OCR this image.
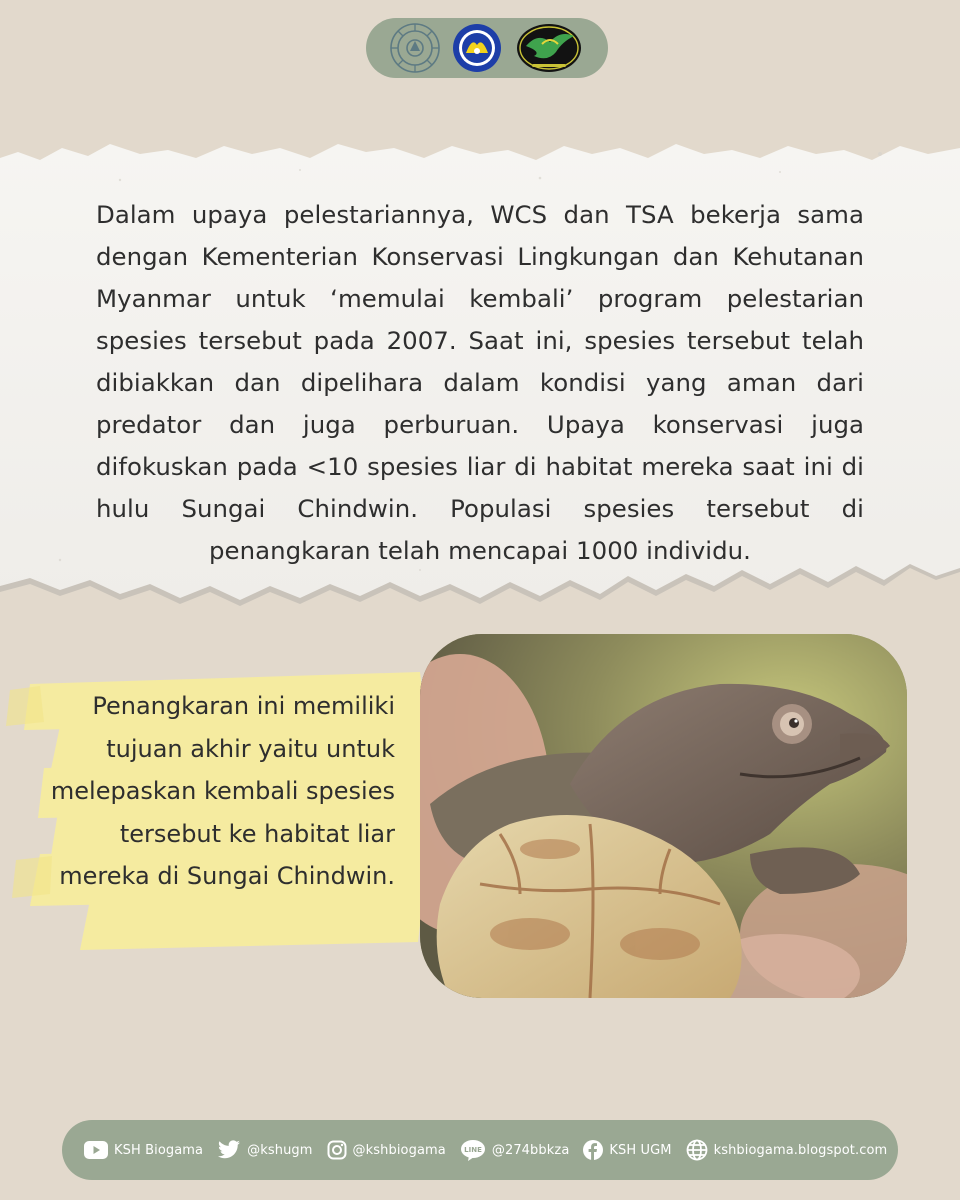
Dalam upaya pelestariannya, WCS dan TSA bekerja sama dengan Kementerian Konservasi Lingkungan dan Kehutanan Myanmar untuk ‘memulai kembali’ program pelestarian spesies tersebut pada 2007. Saat ini, spesies tersebut telah dibiakkan dan dipelihara dalam kondisi yang aman dari predator dan juga perburuan. Upaya konservasi juga difokuskan pada <10 spesies liar di habitat mereka saat ini di hulu Sungai Chindwin. Populasi spesies tersebut di penangkaran telah mencapai 1000 individu.

Penangkaran ini memiliki tujuan akhir yaitu untuk melepaskan kembali spesies tersebut ke habitat liar mereka di Sungai Chindwin.

KSH Biogama	@kshugm	@kshbiogama	LINE @274bbkza	KSH UGM	kshbiogama.blogspot.com
